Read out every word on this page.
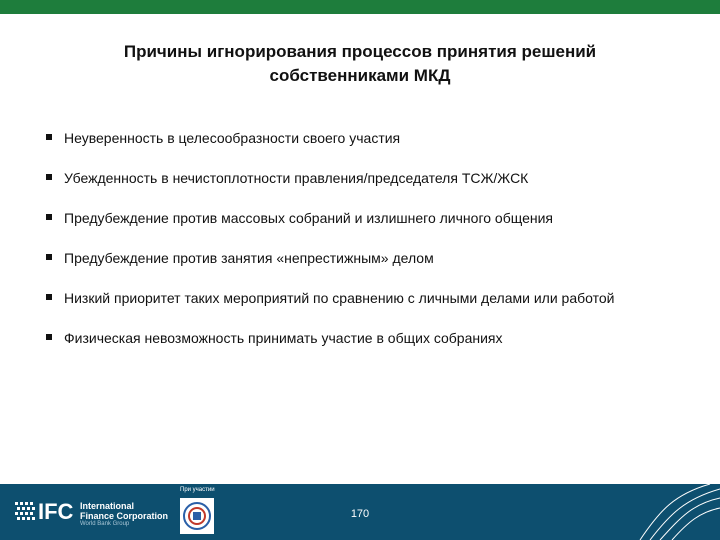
Причины игнорирования процессов принятия решений
собственниками МКД
Неуверенность в целесообразности своего участия
Убежденность в нечистоплотности правления/председателя ТСЖ/ЖСК
Предубеждение против массовых собраний и излишнего личного общения
Предубеждение против занятия «непрестижным» делом
Низкий приоритет таких мероприятий по сравнению с личными делами или работой
Физическая невозможность принимать участие в общих собраниях
IFC International
Finance Corporation
World Bank Group
При участии
170
